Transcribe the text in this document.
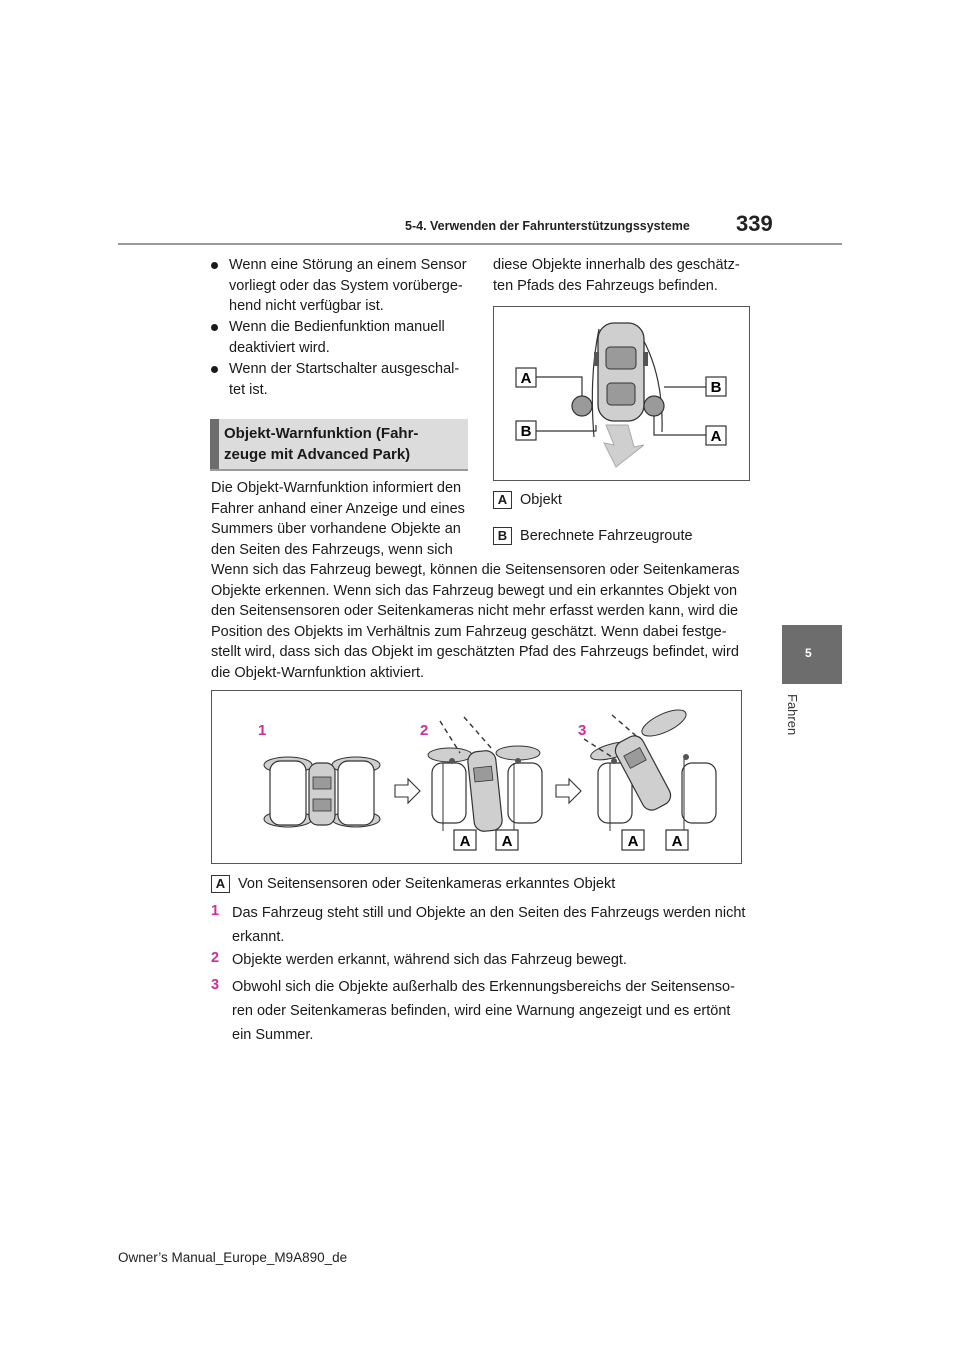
5-4. Verwenden der Fahrunterstützungssysteme 339
5
Fahren
Wenn eine Störung an einem Sensor vorliegt oder das System vorüberge-hend nicht verfügbar ist.
Wenn die Bedienfunktion manuell deaktiviert wird.
Wenn der Startschalter ausgeschal-tet ist.
Objekt-Warnfunktion (Fahr-
zeuge mit Advanced Park)
Die Objekt-Warnfunktion informiert den
Fahrer anhand einer Anzeige und eines
Summers über vorhandene Objekte an
den Seiten des Fahrzeugs, wenn sich
diese Objekte innerhalb des geschätz-
ten Pfads des Fahrzeugs befinden.
A
B
B
A
A Objekt
B Berechnete Fahrzeugroute
Wenn sich das Fahrzeug bewegt, können die Seitensensoren oder Seitenkameras
Objekte erkennen. Wenn sich das Fahrzeug bewegt und ein erkanntes Objekt von
den Seitensensoren oder Seitenkameras nicht mehr erfasst werden kann, wird die
Position des Objekts im Verhältnis zum Fahrzeug geschätzt. Wenn dabei festge-
stellt wird, dass sich das Objekt im geschätzten Pfad des Fahrzeugs befindet, wird
die Objekt-Warnfunktion aktiviert.
1	2	3
A A	A A
A Von Seitensensoren oder Seitenkameras erkanntes Objekt
1 Das Fahrzeug steht still und Objekte an den Seiten des Fahrzeugs werden nicht
erkannt.
2 Objekte werden erkannt, während sich das Fahrzeug bewegt.
3 Obwohl sich die Objekte außerhalb des Erkennungsbereichs der Seitensenso-
ren oder Seitenkameras befinden, wird eine Warnung angezeigt und es ertönt
ein Summer.
Owner’s Manual_Europe_M9A890_de
